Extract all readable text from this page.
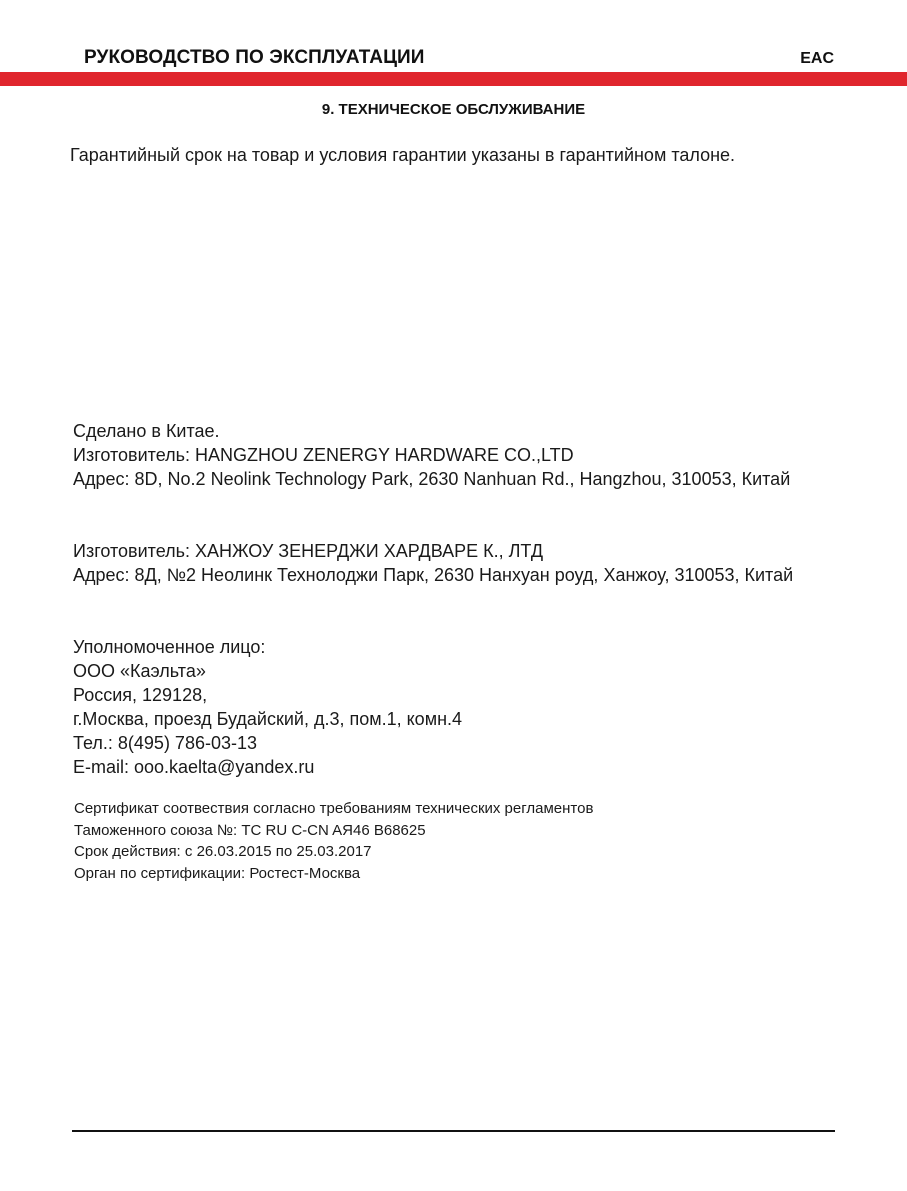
РУКОВОДСТВО ПО ЭКСПЛУАТАЦИИ	EAC
9. ТЕХНИЧЕСКОЕ ОБСЛУЖИВАНИЕ
Гарантийный срок на товар и условия гарантии указаны в гарантийном талоне.
Сделано в Китае.
Изготовитель: HANGZHOU ZENERGY HARDWARE CO.,LTD
Адрес: 8D, No.2 Neolink Technology Park, 2630 Nanhuan Rd., Hangzhou, 310053, Китай
Изготовитель: ХАНЖОУ ЗЕНЕРДЖИ ХАРДВАРЕ К., ЛТД
Адрес: 8Д, №2 Неолинк Технолоджи Парк, 2630 Нанхуан роуд, Ханжоу, 310053, Китай
Уполномоченное лицо:
ООО «Каэльта»
Россия, 129128,
г.Москва, проезд Будайский, д.3, пом.1, комн.4
Тел.: 8(495) 786-03-13
E-mail: ooo.kaelta@yandex.ru
Сертификат соотвествия согласно требованиям технических регламентов
Таможенного союза №: TC RU C-CN AЯ46 B68625
Срок действия: с 26.03.2015 по 25.03.2017
Орган по сертификации: Ростест-Москва
